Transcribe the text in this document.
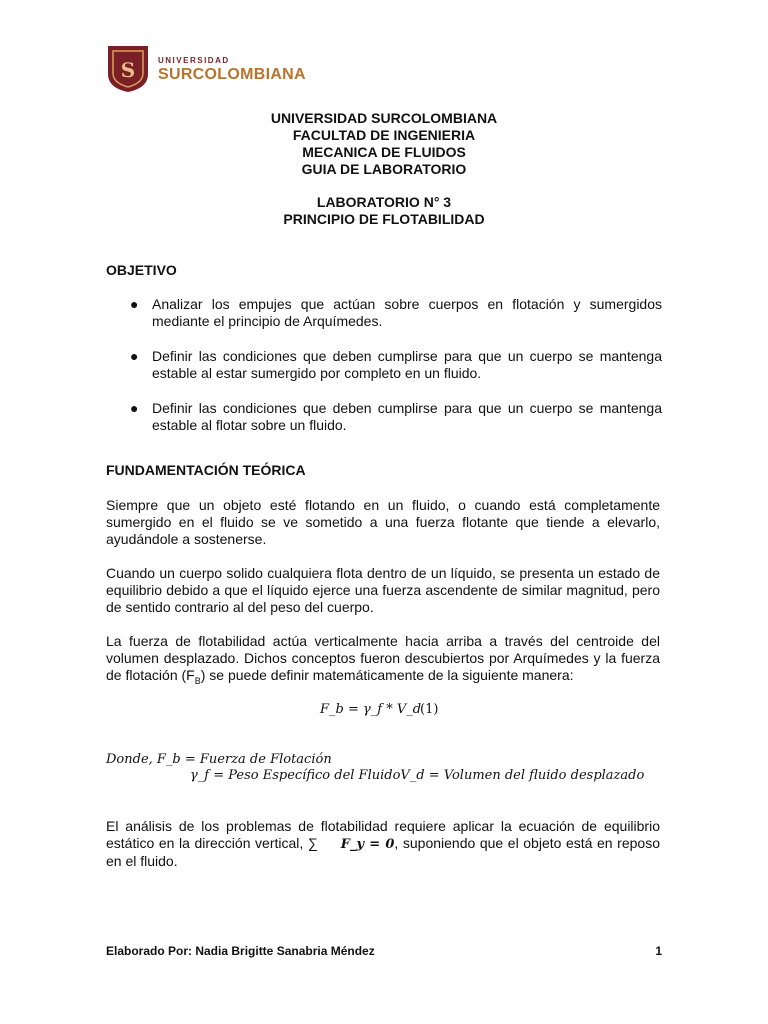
S	UNIVERSIDAD
SURCOLOMBIANA
UNIVERSIDAD SURCOLOMBIANA
FACULTAD DE INGENIERIA
MECANICA DE FLUIDOS
GUIA DE LABORATORIO
LABORATORIO N° 3
PRINCIPIO DE FLOTABILIDAD
OBJETIVO
● Analizar los empujes que actúan sobre cuerpos en flotación y sumergidos mediante el principio de Arquímedes.
● Definir las condiciones que deben cumplirse para que un cuerpo se mantenga estable al estar sumergido por completo en un fluido.
● Definir las condiciones que deben cumplirse para que un cuerpo se mantenga estable al flotar sobre un fluido.
FUNDAMENTACIÓN TEÓRICA
Siempre que un objeto esté flotando en un fluido, o cuando está completamente sumergido en el fluido se ve sometido a una fuerza flotante que tiende a elevarlo, ayudándole a sostenerse.
Cuando un cuerpo solido cualquiera flota dentro de un líquido, se presenta un estado de equilibrio debido a que el líquido ejerce una fuerza ascendente de similar magnitud, pero de sentido contrario al del peso del cuerpo.
La fuerza de flotabilidad actúa verticalmente hacia arriba a través del centroide del volumen desplazado. Dichos conceptos fueron descubiertos por Arquímedes y la fuerza de flotación $(F_B)$ se puede definir matemáticamente de la siguiente manera:
F_b = γ_f * V_d
(1)
Donde, F_b = Fuerza de Flotación
γ_f = Peso Específico del FluidoV_d = Volumen del fluido desplazado
El análisis de los problemas de flotabilidad requiere aplicar la ecuación de equilibrio estático en la dirección vertical, ∑ F_y = 0, suponiendo que el objeto está en reposo en el fluido.
Elaborado Por: Nadia Brigitte Sanabria Méndez	1
